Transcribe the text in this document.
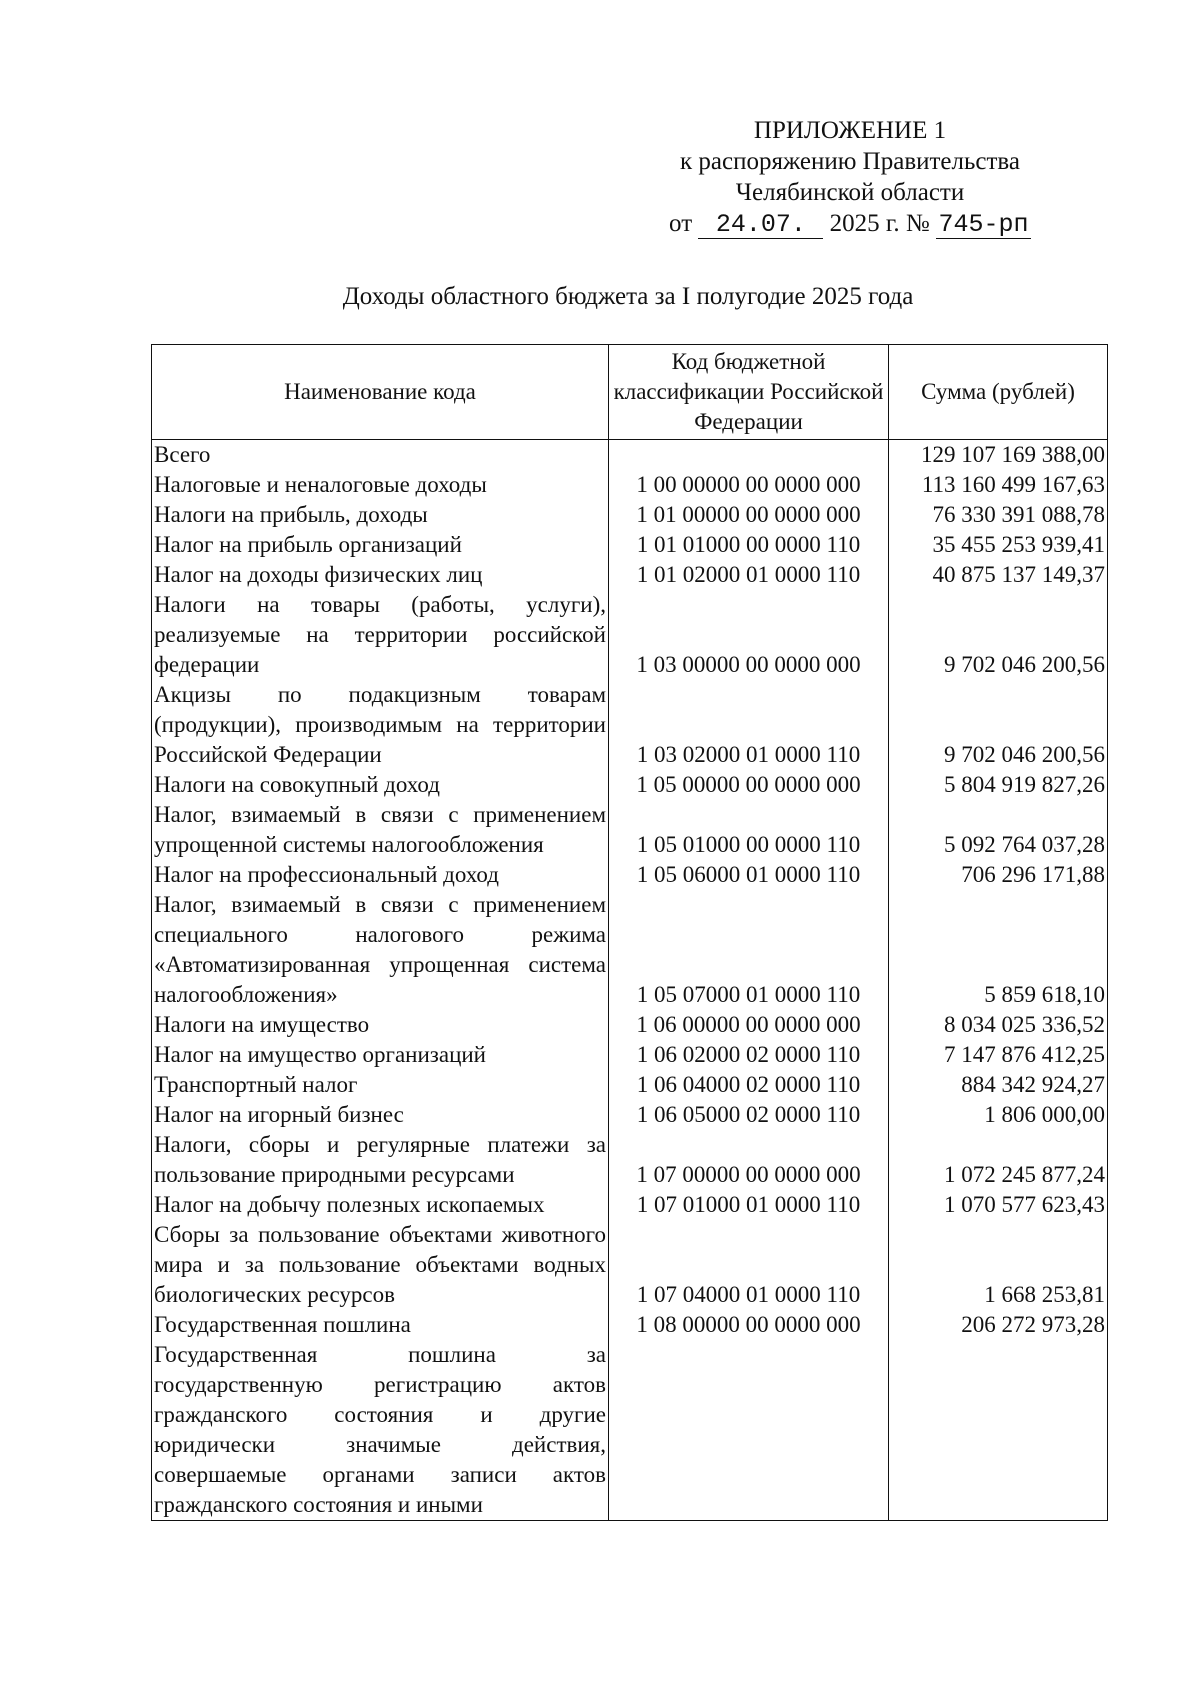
ПРИЛОЖЕНИЕ 1
к распоряжению Правительства
Челябинской области
от 24.07. 2025 г. № 745-рп
Доходы областного бюджета за I полугодие 2025 года
Наименование кода	Код бюджетной классификации Российской Федерации	Сумма (рублей)
Всего		129 107 169 388,00
Налоговые и неналоговые доходы	1 00 00000 00 0000 000	113 160 499 167,63
Налоги на прибыль, доходы	1 01 00000 00 0000 000	76 330 391 088,78
Налог на прибыль организаций	1 01 01000 00 0000 110	35 455 253 939,41
Налог на доходы физических лиц	1 01 02000 01 0000 110	40 875 137 149,37
Налоги на товары (работы, услуги), реализуемые на территории российской федерации	1 03 00000 00 0000 000	9 702 046 200,56
Акцизы по подакцизным товарам (продукции), производимым на территории Российской Федерации	1 03 02000 01 0000 110	9 702 046 200,56
Налоги на совокупный доход	1 05 00000 00 0000 000	5 804 919 827,26
Налог, взимаемый в связи с применением упрощенной системы налогообложения	1 05 01000 00 0000 110	5 092 764 037,28
Налог на профессиональный доход	1 05 06000 01 0000 110	706 296 171,88
Налог, взимаемый в связи с применением специального налогового режима «Автоматизированная упрощенная система налогообложения»	1 05 07000 01 0000 110	5 859 618,10
Налоги на имущество	1 06 00000 00 0000 000	8 034 025 336,52
Налог на имущество организаций	1 06 02000 02 0000 110	7 147 876 412,25
Транспортный налог	1 06 04000 02 0000 110	884 342 924,27
Налог на игорный бизнес	1 06 05000 02 0000 110	1 806 000,00
Налоги, сборы и регулярные платежи за пользование природными ресурсами	1 07 00000 00 0000 000	1 072 245 877,24
Налог на добычу полезных ископаемых	1 07 01000 01 0000 110	1 070 577 623,43
Сборы за пользование объектами животного мира и за пользование объектами водных биологических ресурсов	1 07 04000 01 0000 110	1 668 253,81
Государственная пошлина	1 08 00000 00 0000 000	206 272 973,28
Государственная пошлина за государственную регистрацию актов гражданского состояния и другие юридически значимые действия, совершаемые органами записи актов гражданского состояния и иными		
